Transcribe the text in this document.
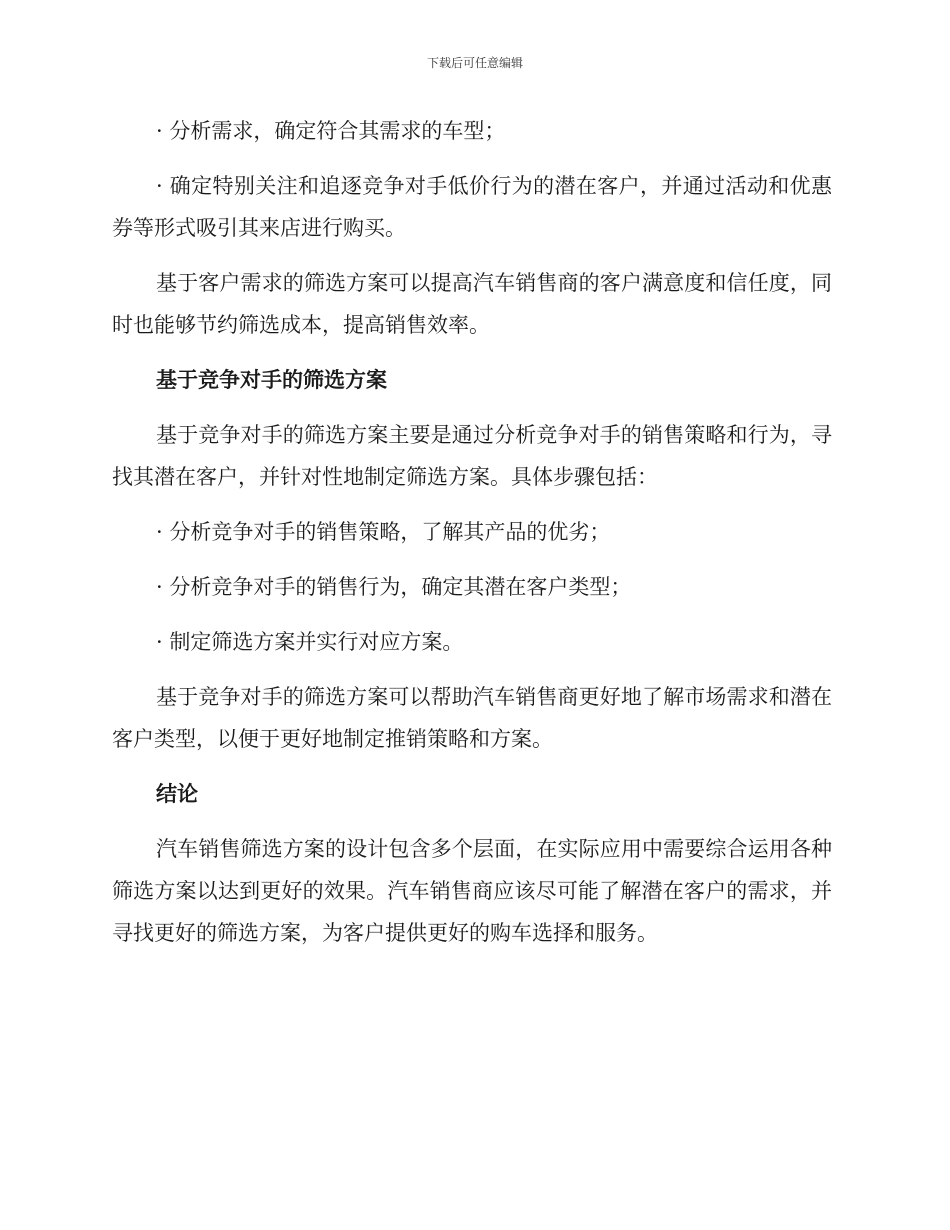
下载后可任意编辑

· 分析需求，确定符合其需求的车型；

· 确定特别关注和追逐竞争对手低价行为的潜在客户，并通过活动和优惠券等形式吸引其来店进行购买。

基于客户需求的筛选方案可以提高汽车销售商的客户满意度和信任度，同时也能够节约筛选成本，提高销售效率。

基于竞争对手的筛选方案

基于竞争对手的筛选方案主要是通过分析竞争对手的销售策略和行为，寻找其潜在客户，并针对性地制定筛选方案。具体步骤包括：

· 分析竞争对手的销售策略，了解其产品的优劣；

· 分析竞争对手的销售行为，确定其潜在客户类型；

· 制定筛选方案并实行对应方案。

基于竞争对手的筛选方案可以帮助汽车销售商更好地了解市场需求和潜在客户类型，以便于更好地制定推销策略和方案。

结论

汽车销售筛选方案的设计包含多个层面，在实际应用中需要综合运用各种筛选方案以达到更好的效果。汽车销售商应该尽可能了解潜在客户的需求，并寻找更好的筛选方案，为客户提供更好的购车选择和服务。
